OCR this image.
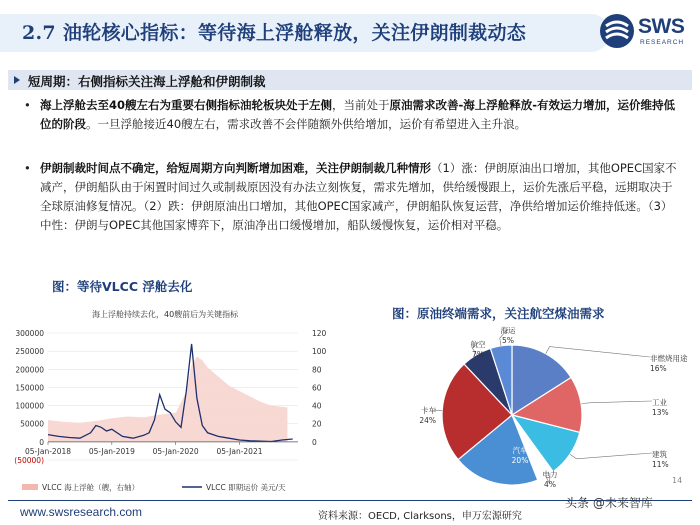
2.7 油轮核心指标：等待海上浮舱释放，关注伊朗制裁动态	SWS
RESEARCH
短周期：右侧指标关注海上浮舱和伊朗制裁
• 海上浮舱去至40艘左右为重要右侧指标油轮板块处于左侧，当前处于原油需求改善-海上浮舱释放-有效运力增加，运价维持低位的阶段。一旦浮舱接近40艘左右，需求改善不会伴随额外供给增加，运价有希望进入主升浪。
• 伊朗制裁时间点不确定，给短周期方向判断增加困难，关注伊朗制裁几种情形（1）涨：伊朗原油出口增加，其他OPEC国家不减产，伊朗船队由于闲置时间过久或制裁原因没有办法立刻恢复，需求先增加，供给缓慢跟上，运价先涨后平稳，远期取决于全球原油修复情况。（2）跌：伊朗原油出口增加，其他OPEC国家减产，伊朗船队恢复运营，净供给增加运价维持低迷。（3）中性：伊朗与OPEC其他国家博弈下，原油净出口缓慢增加，船队缓慢恢复，运价相对平稳。
图：等待VLCC 浮舱去化
海上浮舱持续去化，40艘前后为关键指标
300000
250000
200000
150000
100000
50000
0
(50000)
120
100
80
60
40
20
0
05-Jan-2018 05-Jan-2019 05-Jan-2020 05-Jan-2021
VLCC 海上浮舱（艘，右轴）	VLCC 即期运价 美元/天
图：原油终端需求，关注航空煤油需求
非燃烧用途
16%
工业
13%
建筑
11%
电力
4%
汽车
20%
卡车
24%
航空
7%
海运
5%
14
www.swsresearch.com	资料来源：OECD, Clarksons，申万宏源研究
头条 @未来智库
